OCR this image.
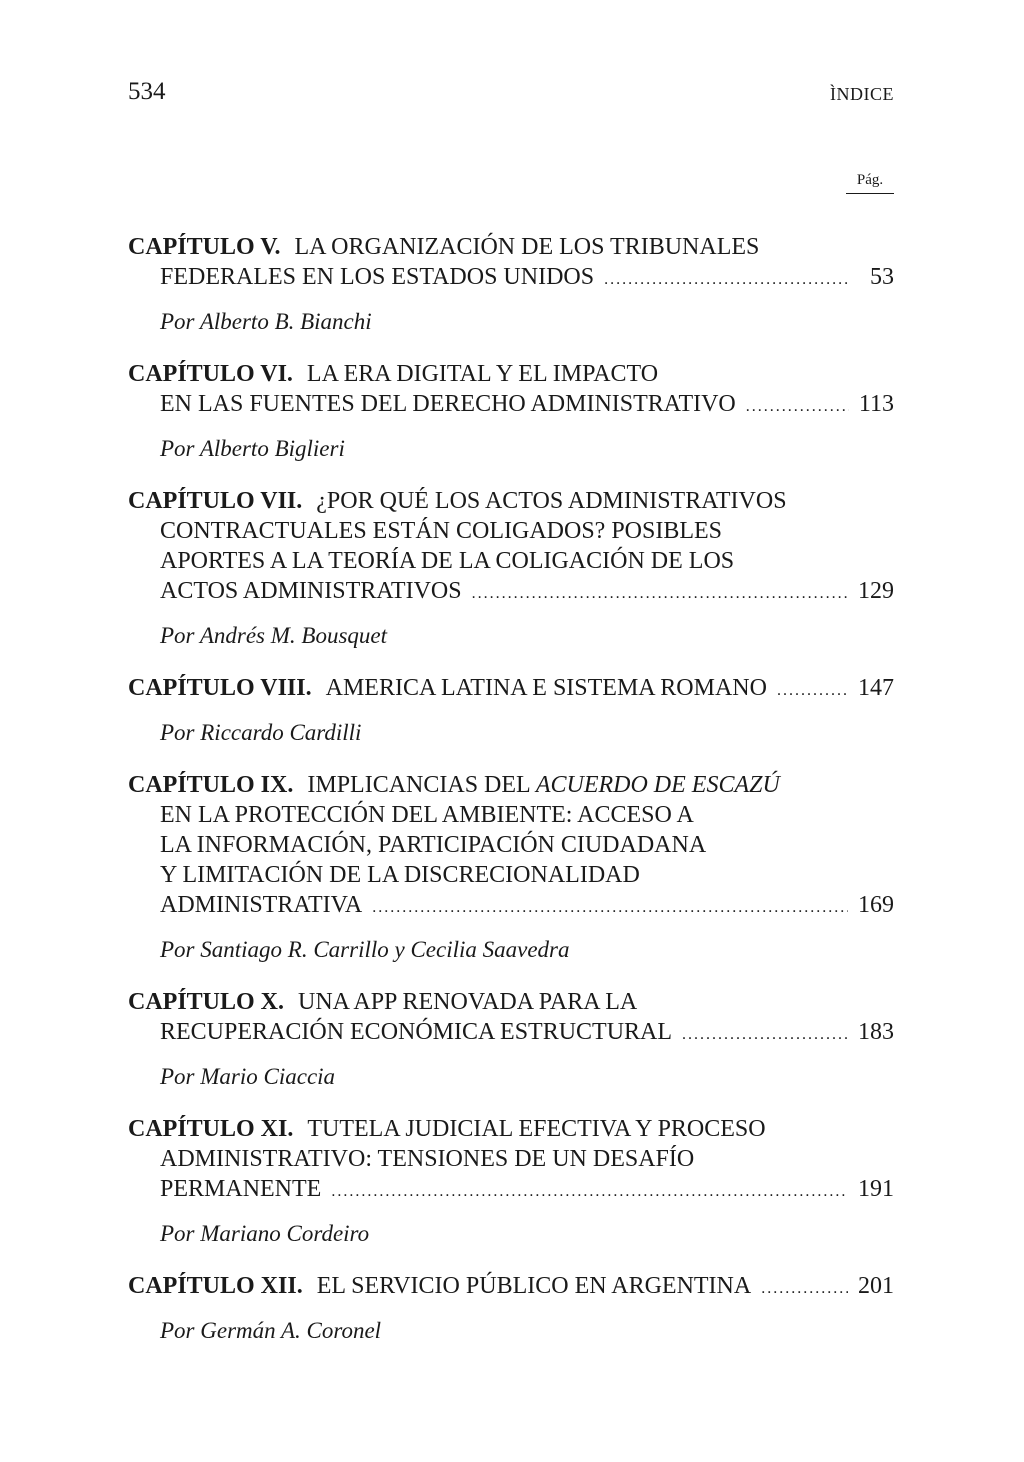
534	ÌNDICE
Pág.
CAPÍTULO V. LA ORGANIZACIÓN DE LOS TRIBUNALES
FEDERALES EN LOS ESTADOS UNIDOS .....	53
Por Alberto B. Bianchi
CAPÍTULO VI. LA ERA DIGITAL Y EL IMPACTO
EN LAS FUENTES DEL DERECHO ADMINISTRATIVO .....	113
Por Alberto Biglieri
CAPÍTULO VII. ¿POR QUÉ LOS ACTOS ADMINISTRATIVOS
CONTRACTUALES ESTÁN COLIGADOS? POSIBLES
APORTES A LA TEORÍA DE LA COLIGACIÓN DE LOS
ACTOS ADMINISTRATIVOS .....	129
Por Andrés M. Bousquet
CAPÍTULO VIII. AMERICA LATINA E SISTEMA ROMANO .....	147
Por Riccardo Cardilli
CAPÍTULO IX. IMPLICANCIAS DEL ACUERDO DE ESCAZÚ
EN LA PROTECCIÓN DEL AMBIENTE: ACCESO A
LA INFORMACIÓN, PARTICIPACIÓN CIUDADANA
Y LIMITACIÓN DE LA DISCRECIONALIDAD
ADMINISTRATIVA .....	169
Por Santiago R. Carrillo y Cecilia Saavedra
CAPÍTULO X. UNA APP RENOVADA PARA LA
RECUPERACIÓN ECONÓMICA ESTRUCTURAL .....	183
Por Mario Ciaccia
CAPÍTULO XI. TUTELA JUDICIAL EFECTIVA Y PROCESO
ADMINISTRATIVO: TENSIONES DE UN DESAFÍO
PERMANENTE .....	191
Por Mariano Cordeiro
CAPÍTULO XII. EL SERVICIO PÚBLICO EN ARGENTINA .....	201
Por Germán A. Coronel
